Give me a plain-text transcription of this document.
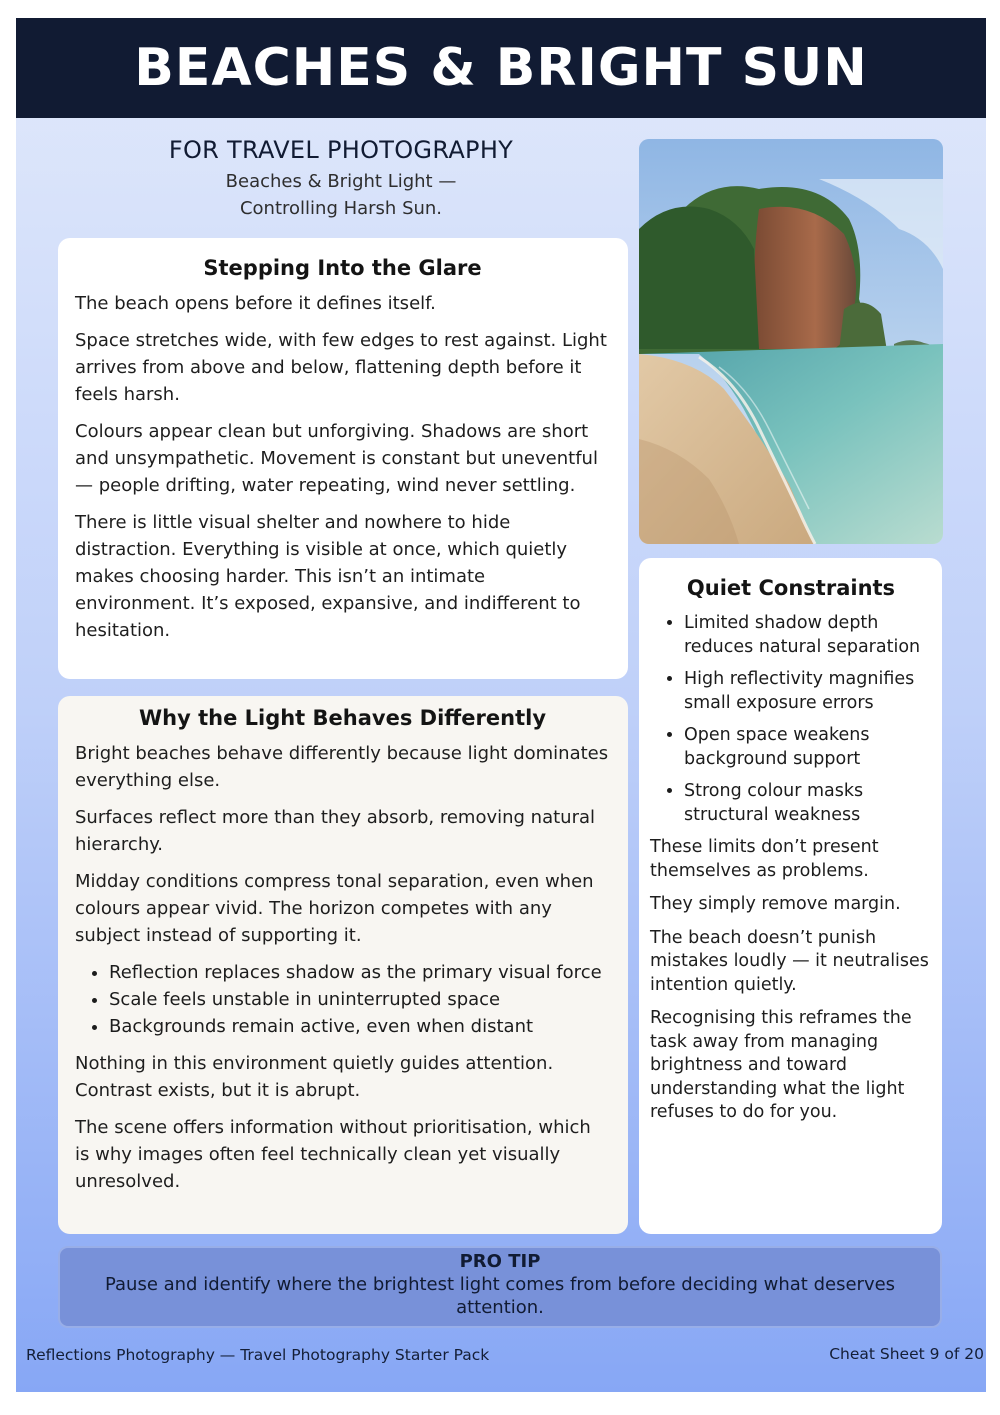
BEACHES & BRIGHT SUN
FOR TRAVEL PHOTOGRAPHY
Beaches & Bright Light — Controlling Harsh Sun.
Stepping Into the Glare

The beach opens before it defines itself.

Space stretches wide, with few edges to rest against. Light arrives from above and below, flattening depth before it feels harsh.

Colours appear clean but unforgiving. Shadows are short and unsympathetic. Movement is constant but uneventful — people drifting, water repeating, wind never settling.

There is little visual shelter and nowhere to hide distraction. Everything is visible at once, which quietly makes choosing harder. This isn’t an intimate environment. It’s exposed, expansive, and indifferent to hesitation.

Why the Light Behaves Differently

Bright beaches behave differently because light dominates everything else.

Surfaces reflect more than they absorb, removing natural hierarchy.

Midday conditions compress tonal separation, even when colours appear vivid. The horizon competes with any subject instead of supporting it.

• Reflection replaces shadow as the primary visual force
• Scale feels unstable in uninterrupted space
• Backgrounds remain active, even when distant

Nothing in this environment quietly guides attention. Contrast exists, but it is abrupt.

The scene offers information without prioritisation, which is why images often feel technically clean yet visually unresolved.

Quiet Constraints
• Limited shadow depth reduces natural separation
• High reflectivity magnifies small exposure errors
• Open space weakens background support
• Strong colour masks structural weakness

These limits don’t present themselves as problems.

They simply remove margin.

The beach doesn’t punish mistakes loudly — it neutralises intention quietly.

Recognising this reframes the task away from managing brightness and toward understanding what the light refuses to do for you.

PRO TIP
Pause and identify where the brightest light comes from before deciding what deserves attention.
Reflections Photography — Travel Photography Starter Pack	Cheat Sheet 9 of 20
